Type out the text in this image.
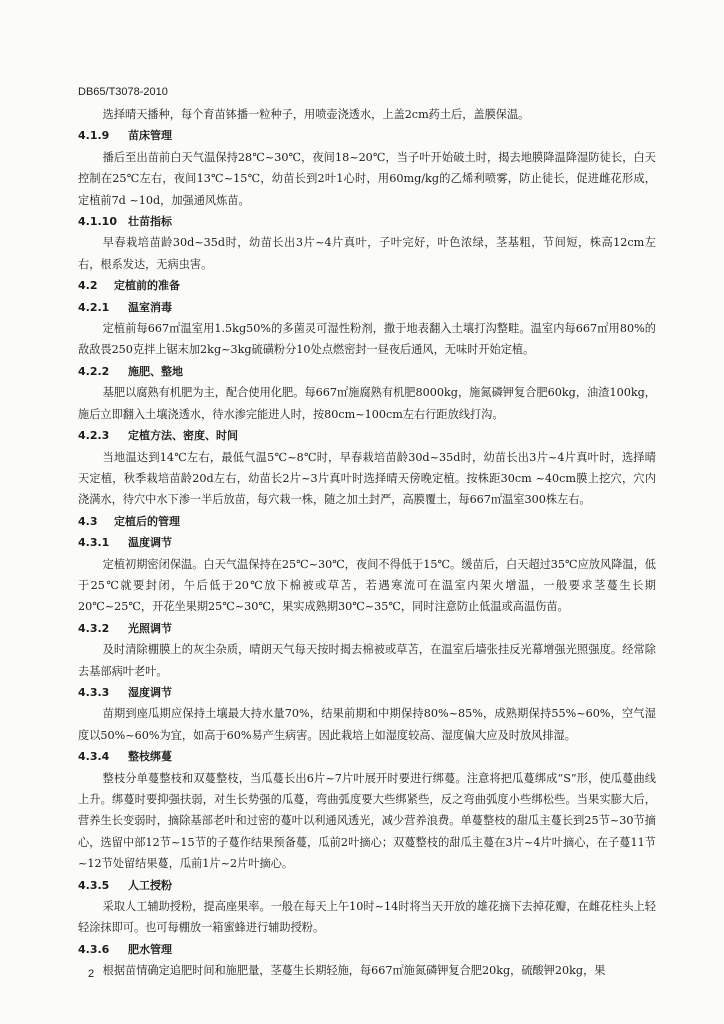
DB65/T3078-2010

选择晴天播种，每个育苗钵播一粒种子，用喷壶浇透水，上盖2cm药土后，盖膜保温。

4.1.9 苗床管理

播后至出苗前白天气温保持28℃~30℃，夜间18~20℃，当子叶开始破土时，揭去地膜降温降湿防徒长，白天控制在25℃左右，夜间13℃~15℃，幼苗长到2叶1心时，用60mg/kg的乙烯利喷雾，防止徒长，促进雌花形成，定植前7d ~10d，加强通风炼苗。

4.1.10 壮苗指标

早春栽培苗龄30d~35d时，幼苗长出3片~4片真叶，子叶完好，叶色浓绿，茎基粗，节间短，株高12cm左右，根系发达，无病虫害。

4.2 定植前的准备
4.2.1 温室消毒

定植前每667㎡温室用1.5kg50%的多菌灵可湿性粉剂，撒于地表翻入土壤打沟整畦。温室内每667㎡用80%的敌敌畏250克拌上锯末加2kg~3kg硫磺粉分10处点燃密封一昼夜后通风，无味时开始定植。

4.2.2 施肥、整地

基肥以腐熟有机肥为主，配合使用化肥。每667㎡施腐熟有机肥8000kg，施氮磷钾复合肥60kg，油渣100kg，施后立即翻入土壤浇透水，待水渗完能进人时，按80cm~100cm左右行距放线打沟。

4.2.3 定植方法、密度、时间

当地温达到14℃左右，最低气温5℃~8℃时，早春栽培苗龄30d~35d时，幼苗长出3片~4片真叶时，选择晴天定植，秋季栽培苗龄20d左右，幼苗长2片~3片真叶时选择晴天傍晚定植。按株距30cm ~40cm膜上挖穴，穴内浇满水，待穴中水下渗一半后放苗，每穴栽一株，随之加土封严，高膜覆土，每667㎡温室300株左右。

4.3 定植后的管理
4.3.1 温度调节

定植初期密闭保温。白天气温保持在25℃~30℃，夜间不得低于15℃。缓苗后，白天超过35℃应放风降温，低于25℃就要封闭，午后低于20℃放下棉被或草苫，若遇寒流可在温室内架火增温，一般要求茎蔓生长期20℃~25℃，开花坐果期25℃~30℃，果实成熟期30℃~35℃，同时注意防止低温或高温伤苗。

4.3.2 光照调节

及时清除棚膜上的灰尘杂质，晴朗天气每天按时揭去棉被或草苫，在温室后墙张挂反光幕增强光照强度。经常除去基部病叶老叶。

4.3.3 湿度调节

苗期到座瓜期应保持土壤最大持水量70%，结果前期和中期保持80%~85%，成熟期保持55%~60%，空气湿度以50%~60%为宜，如高于60%易产生病害。因此栽培上如湿度较高、湿度偏大应及时放风排湿。

4.3.4 整枝绑蔓

整枝分单蔓整枝和双蔓整枝，当瓜蔓长出6片~7片叶展开时要进行绑蔓。注意将把瓜蔓绑成“S”形，使瓜蔓曲线上升。绑蔓时要抑强扶弱，对生长势强的瓜蔓，弯曲弧度要大些绑紧些，反之弯曲弧度小些绑松些。当果实膨大后，营养生长变弱时，摘除基部老叶和过密的蔓叶以利通风透光，减少营养浪费。单蔓整枝的甜瓜主蔓长到25节~30节摘心，选留中部12节~15节的子蔓作结果预备蔓，瓜前2叶摘心；双蔓整枝的甜瓜主蔓在3片~4片叶摘心，在子蔓11节~12节处留结果蔓，瓜前1片~2片叶摘心。

4.3.5 人工授粉

采取人工辅助授粉，提高座果率。一般在每天上午10时~14时将当天开放的雄花摘下去掉花瓣，在雌花柱头上轻轻涂抹即可。也可每棚放一箱蜜蜂进行辅助授粉。

4.3.6 肥水管理

根据苗情确定追肥时间和施肥量，茎蔓生长期轻施，每667㎡施氮磷钾复合肥20kg，硫酸钾20kg，果

2
